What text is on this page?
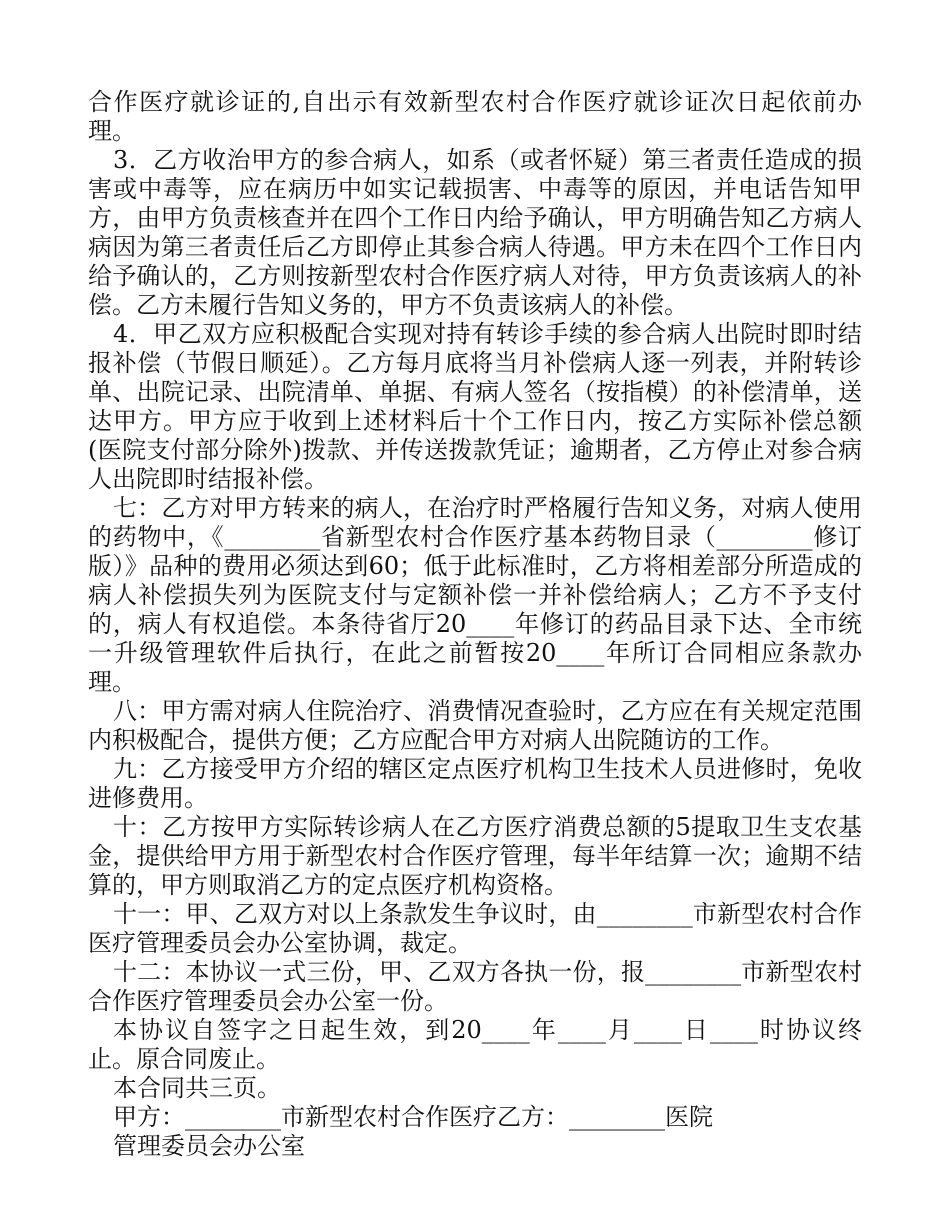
合作医疗就诊证的,自出示有效新型农村合作医疗就诊证次日起依前办理。

3．乙方收治甲方的参合病人，如系（或者怀疑）第三者责任造成的损害或中毒等，应在病历中如实记载损害、中毒等的原因，并电话告知甲方，由甲方负责核查并在四个工作日内给予确认，甲方明确告知乙方病人病因为第三者责任后乙方即停止其参合病人待遇。甲方未在四个工作日内给予确认的，乙方则按新型农村合作医疗病人对待，甲方负责该病人的补偿。乙方未履行告知义务的，甲方不负责该病人的补偿。

4．甲乙双方应积极配合实现对持有转诊手续的参合病人出院时即时结报补偿（节假日顺延）。乙方每月底将当月补偿病人逐一列表，并附转诊单、出院记录、出院清单、单据、有病人签名（按指模）的补偿清单，送达甲方。甲方应于收到上述材料后十个工作日内，按乙方实际补偿总额(医院支付部分除外)拨款、并传送拨款凭证；逾期者，乙方停止对参合病人出院即时结报补偿。

七：乙方对甲方转来的病人，在治疗时严格履行告知义务，对病人使用的药物中，《________省新型农村合作医疗基本药物目录（________修订版）》品种的费用必须达到60；低于此标准时，乙方将相差部分所造成的病人补偿损失列为医院支付与定额补偿一并补偿给病人；乙方不予支付的，病人有权追偿。本条待省厅20____年修订的药品目录下达、全市统一升级管理软件后执行，在此之前暂按20____年所订合同相应条款办理。

八：甲方需对病人住院治疗、消费情况查验时，乙方应在有关规定范围内积极配合，提供方便；乙方应配合甲方对病人出院随访的工作。

九：乙方接受甲方介绍的辖区定点医疗机构卫生技术人员进修时，免收进修费用。

十：乙方按甲方实际转诊病人在乙方医疗消费总额的5提取卫生支农基金，提供给甲方用于新型农村合作医疗管理，每半年结算一次；逾期不结算的，甲方则取消乙方的定点医疗机构资格。

十一：甲、乙双方对以上条款发生争议时，由________市新型农村合作医疗管理委员会办公室协调，裁定。

十二：本协议一式三份，甲、乙双方各执一份，报________市新型农村合作医疗管理委员会办公室一份。

本协议自签字之日起生效，到20____年____月____日____时协议终止。原合同废止。

本合同共三页。

甲方：________市新型农村合作医疗 乙方：________医院
管理委员会办公室
